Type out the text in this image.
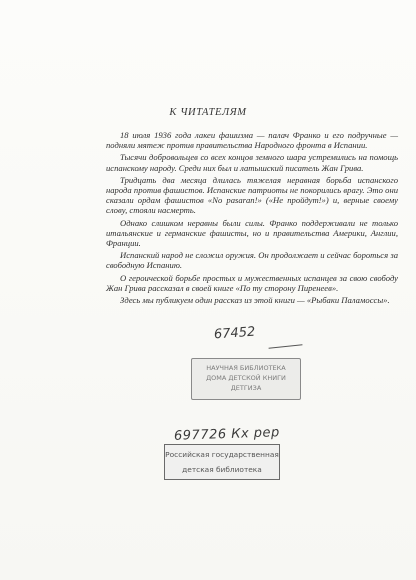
К ЧИТАТЕЛЯМ

18 июля 1936 года лакеи фашизма — палач Франко и его подручные — подняли мятеж против правительства Народного фронта в Испании.

Тысячи добровольцев со всех концов земного шара устремились на помощь испанскому народу. Среди них был и латышский писатель Жан Грива.

Тридцать два месяца длилась тяжелая неравная борьба испанского народа против фашистов. Испанские патриоты не покорились врагу. Это они сказали ордам фашистов «No pasaran!» («Не пройдут!») и, верные своему слову, стояли насмерть.

Однако слишком неравны были силы. Франко поддерживали не только итальянские и германские фашисты, но и правительства Америки, Англии, Франции.

Испанский народ не сложил оружия. Он продолжает и сейчас бороться за свободную Испанию.

О героической борьбе простых и мужественных испанцев за свою свободу Жан Грива рассказал в своей книге «По ту сторону Пиренеев».

Здесь мы публикуем один рассказ из этой книги — «Рыбаки Паламоссы».

67452
НАУЧНАЯ БИБЛИОТЕКА
ДОМА ДЕТСКОЙ КНИГИ
ДЕТГИЗА
697726 Кх рер
Российская государственная
детская библиотека
